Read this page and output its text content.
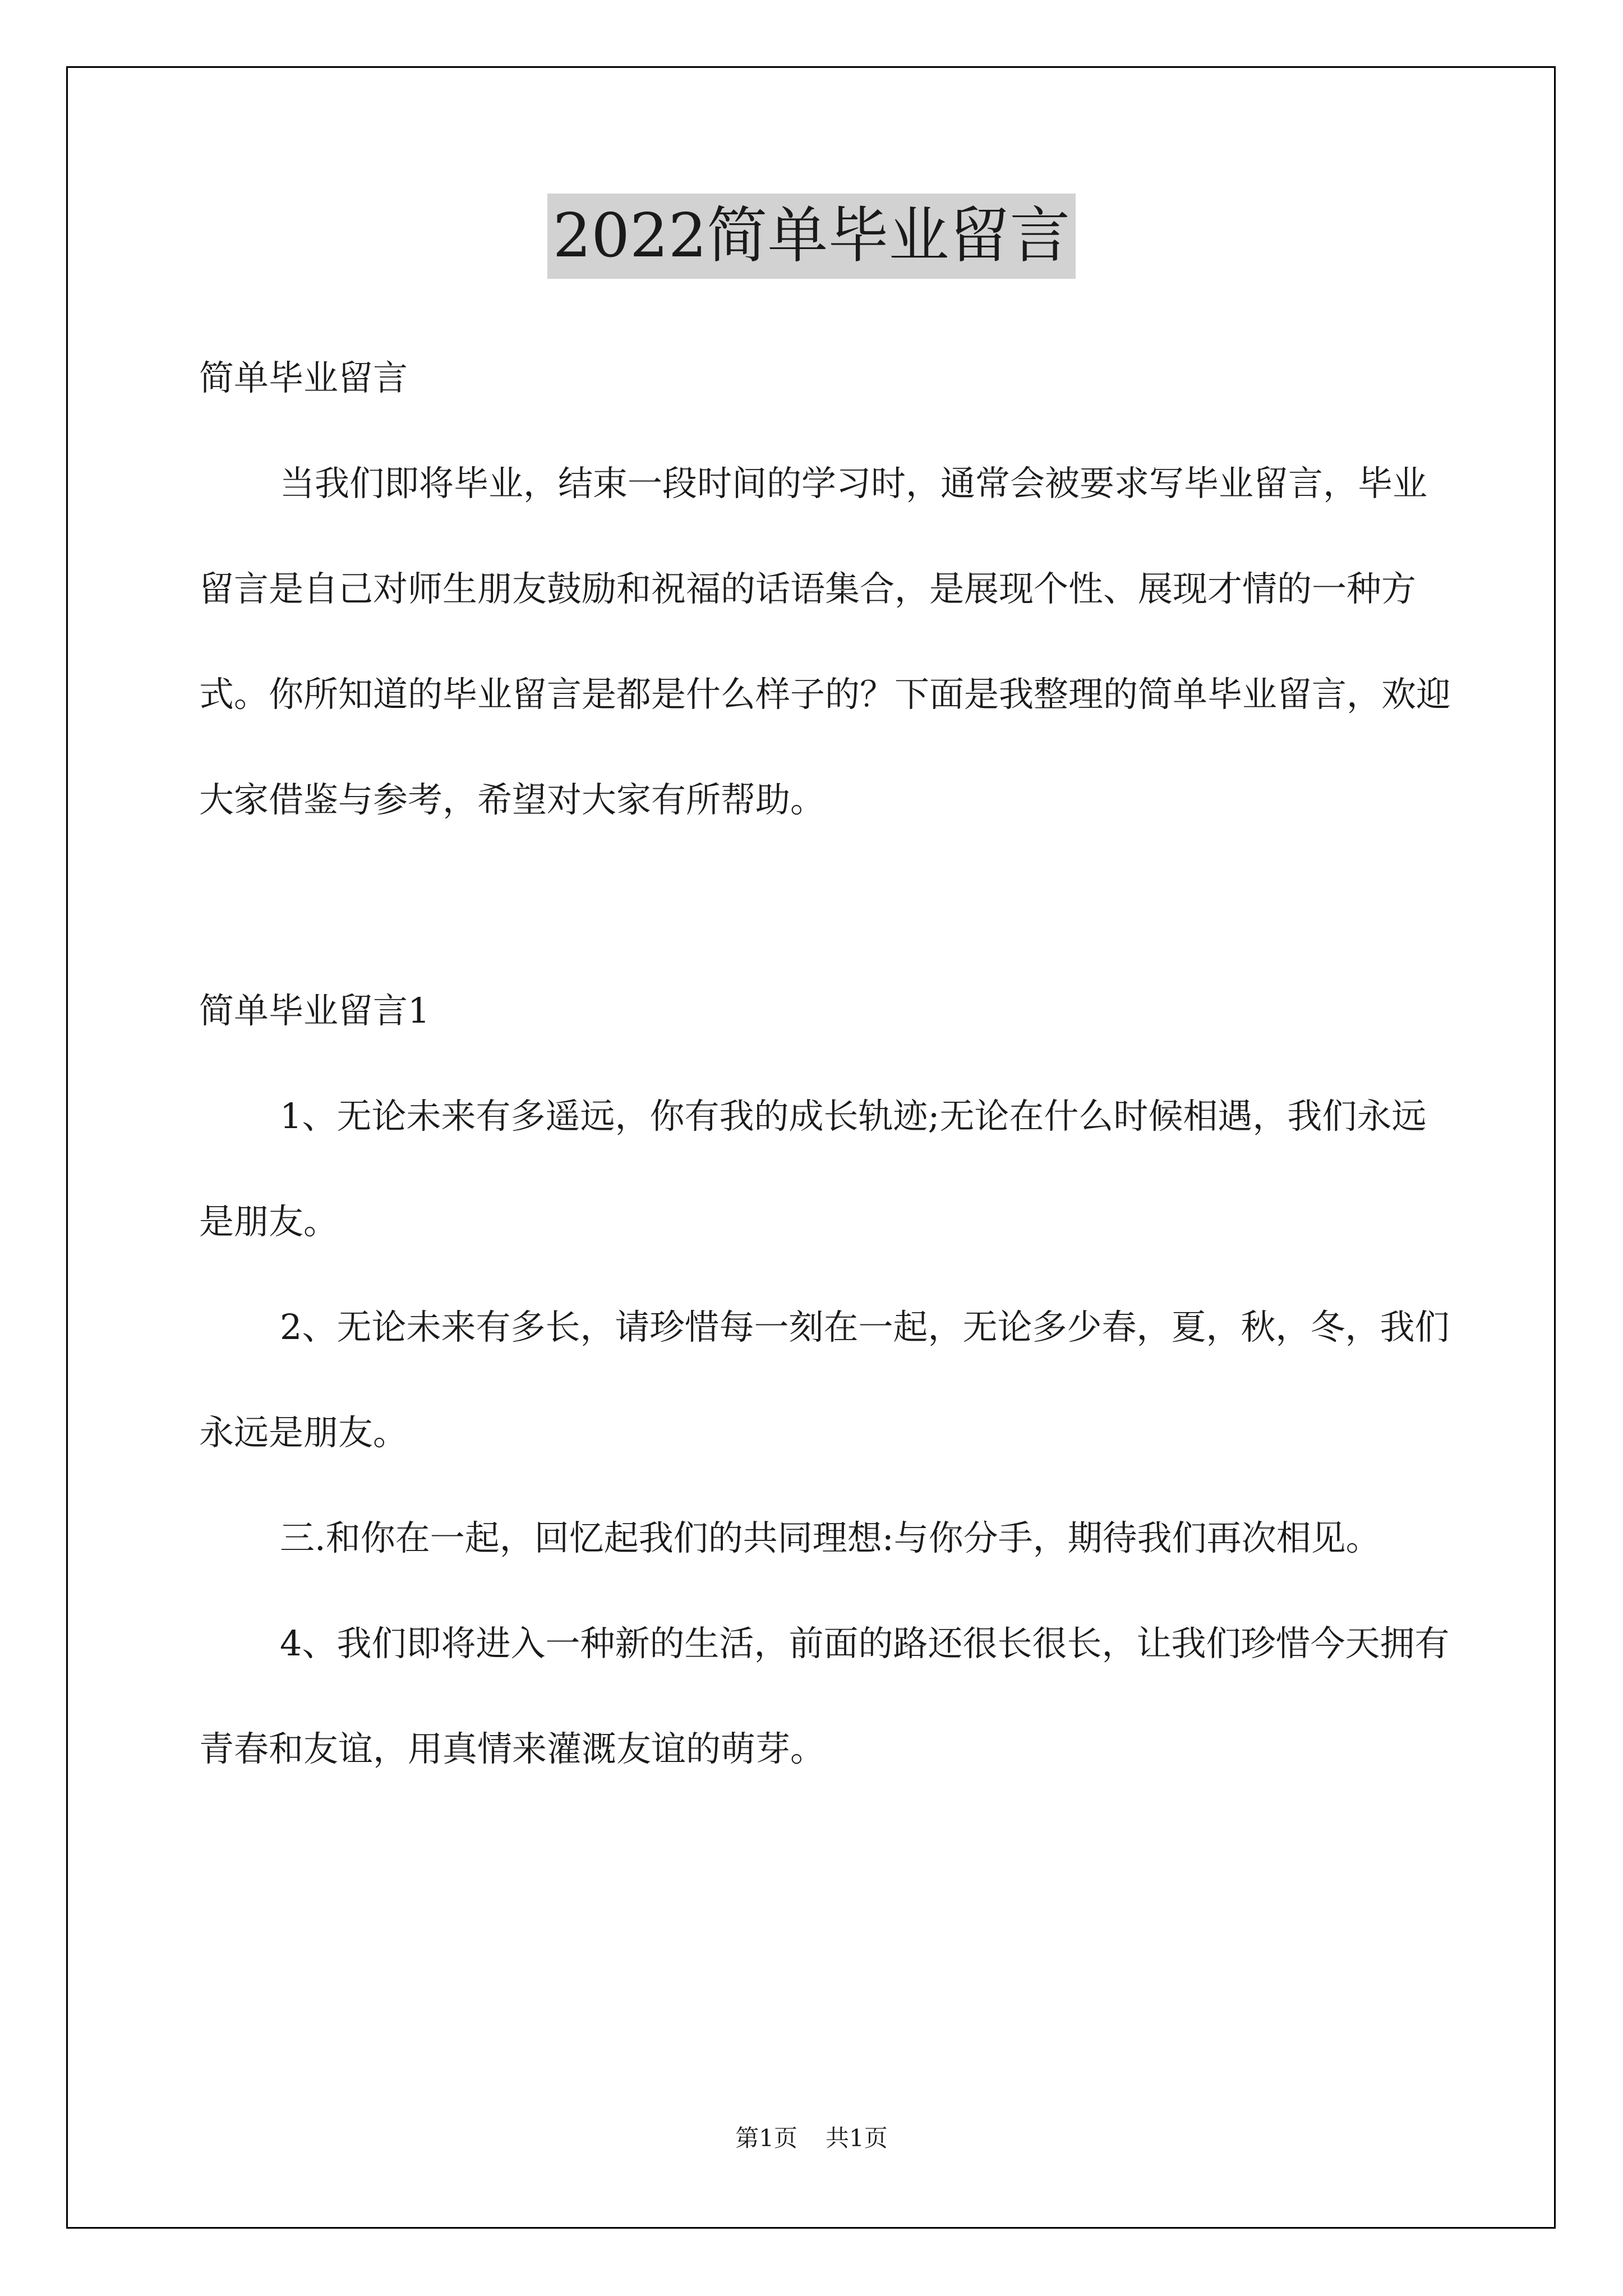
2022简单毕业留言

简单毕业留言

当我们即将毕业，结束一段时间的学习时，通常会被要求写毕业留言，毕业留言是自己对师生朋友鼓励和祝福的话语集合，是展现个性、展现才情的一种方式。你所知道的毕业留言是都是什么样子的？下面是我整理的简单毕业留言，欢迎大家借鉴与参考，希望对大家有所帮助。

简单毕业留言1

1、无论未来有多遥远，你有我的成长轨迹;无论在什么时候相遇，我们永远是朋友。

2、无论未来有多长，请珍惜每一刻在一起，无论多少春，夏，秋，冬，我们永远是朋友。

三.和你在一起，回忆起我们的共同理想:与你分手，期待我们再次相见。

4、我们即将进入一种新的生活，前面的路还很长很长，让我们珍惜今天拥有青春和友谊，用真情来灌溉友谊的萌芽。

第1页 共1页
